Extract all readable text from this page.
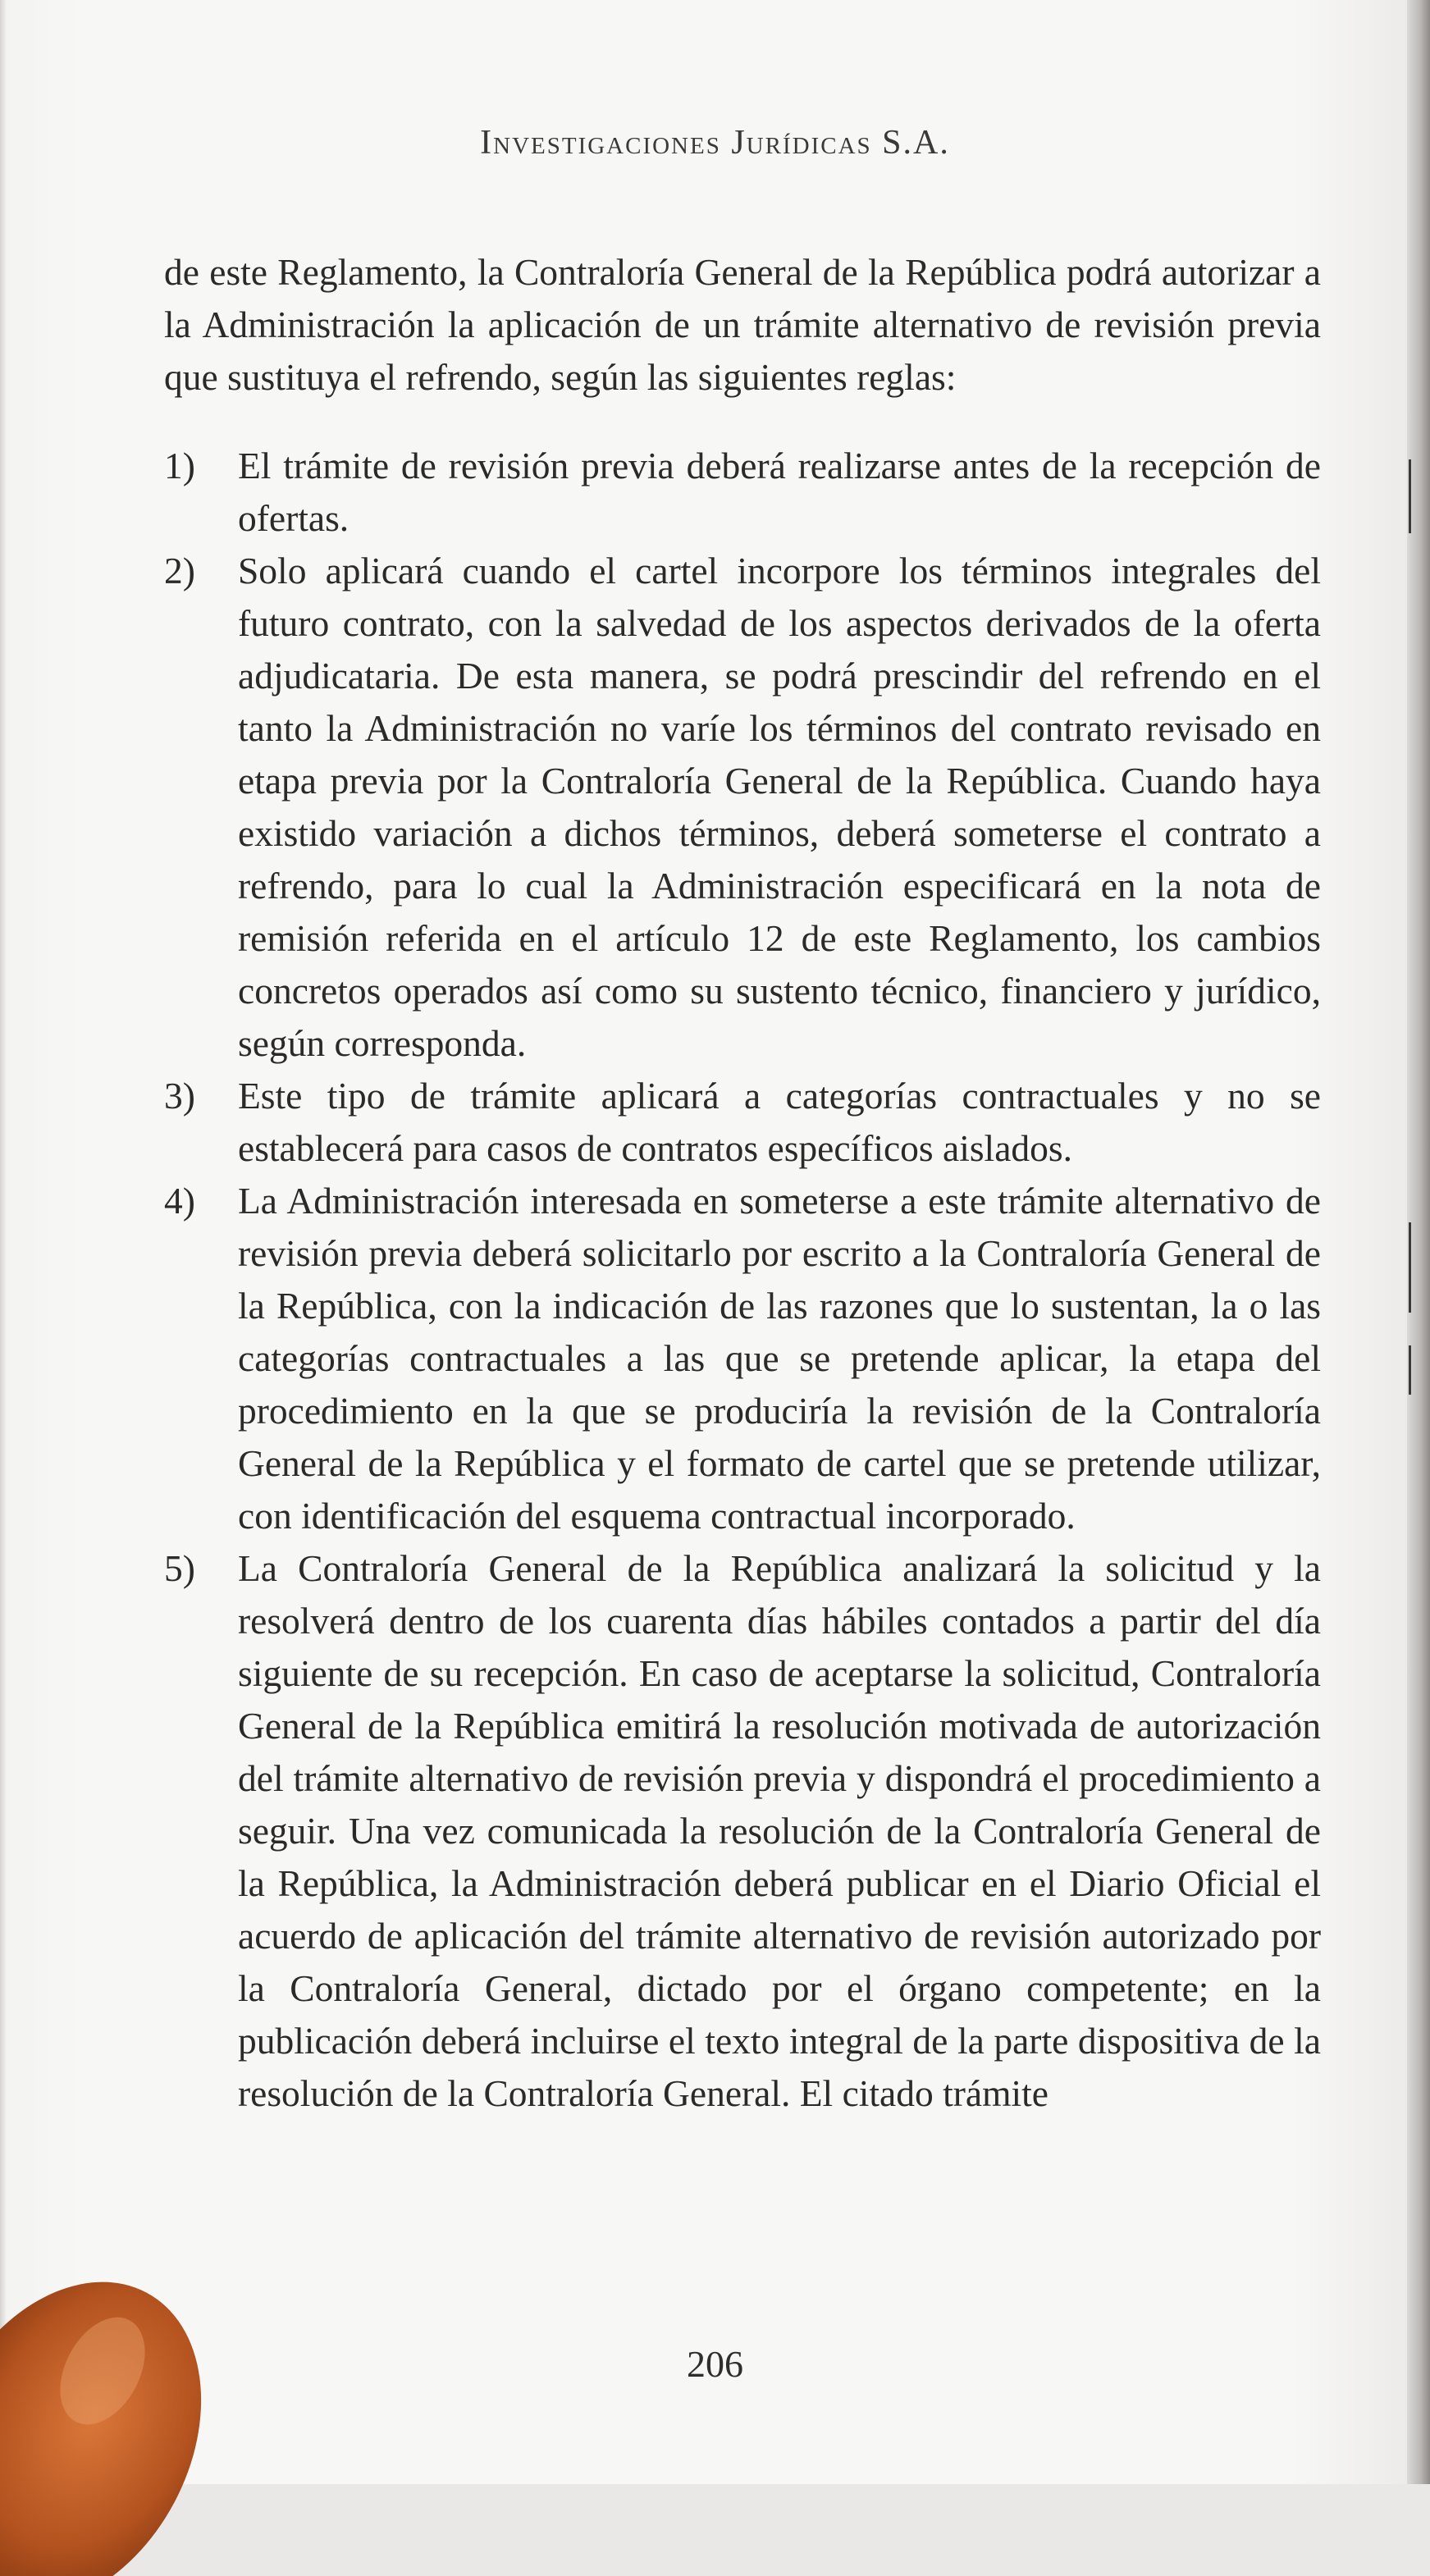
Investigaciones Jurídicas S.A.

de este Reglamento, la Contraloría General de la República podrá autorizar a la Administración la aplicación de un trámite alternativo de revisión previa que sustituya el refrendo, según las siguientes reglas:

1)	El trámite de revisión previa deberá realizarse antes de la recepción de ofertas.
2)	Solo aplicará cuando el cartel incorpore los términos integrales del futuro contrato, con la salvedad de los aspectos derivados de la oferta adjudicataria. De esta manera, se podrá prescindir del refrendo en el tanto la Administración no varíe los términos del contrato revisado en etapa previa por la Contraloría General de la República. Cuando haya existido variación a dichos términos, deberá someterse el contrato a refrendo, para lo cual la Administración especificará en la nota de remisión referida en el artículo 12 de este Reglamento, los cambios concretos operados así como su sustento técnico, financiero y jurídico, según corresponda.
3)	Este tipo de trámite aplicará a categorías contractuales y no se establecerá para casos de contratos específicos aislados.
4)	La Administración interesada en someterse a este trámite alternativo de revisión previa deberá solicitarlo por escrito a la Contraloría General de la República, con la indicación de las razones que lo sustentan, la o las categorías contractuales a las que se pretende aplicar, la etapa del procedimiento en la que se produciría la revisión de la Contraloría General de la República y el formato de cartel que se pretende utilizar, con identificación del esquema contractual incorporado.
5)	La Contraloría General de la República analizará la solicitud y la resolverá dentro de los cuarenta días hábiles contados a partir del día siguiente de su recepción. En caso de aceptarse la solicitud, Contraloría General de la República emitirá la resolución motivada de autorización del trámite alternativo de revisión previa y dispondrá el procedimiento a seguir. Una vez comunicada la resolución de la Contraloría General de la República, la Administración deberá publicar en el Diario Oficial el acuerdo de aplicación del trámite alternativo de revisión autorizado por la Contraloría General, dictado por el órgano competente; en la publicación deberá incluirse el texto integral de la parte dispositiva de la resolución de la Contraloría General. El citado trámite
206
